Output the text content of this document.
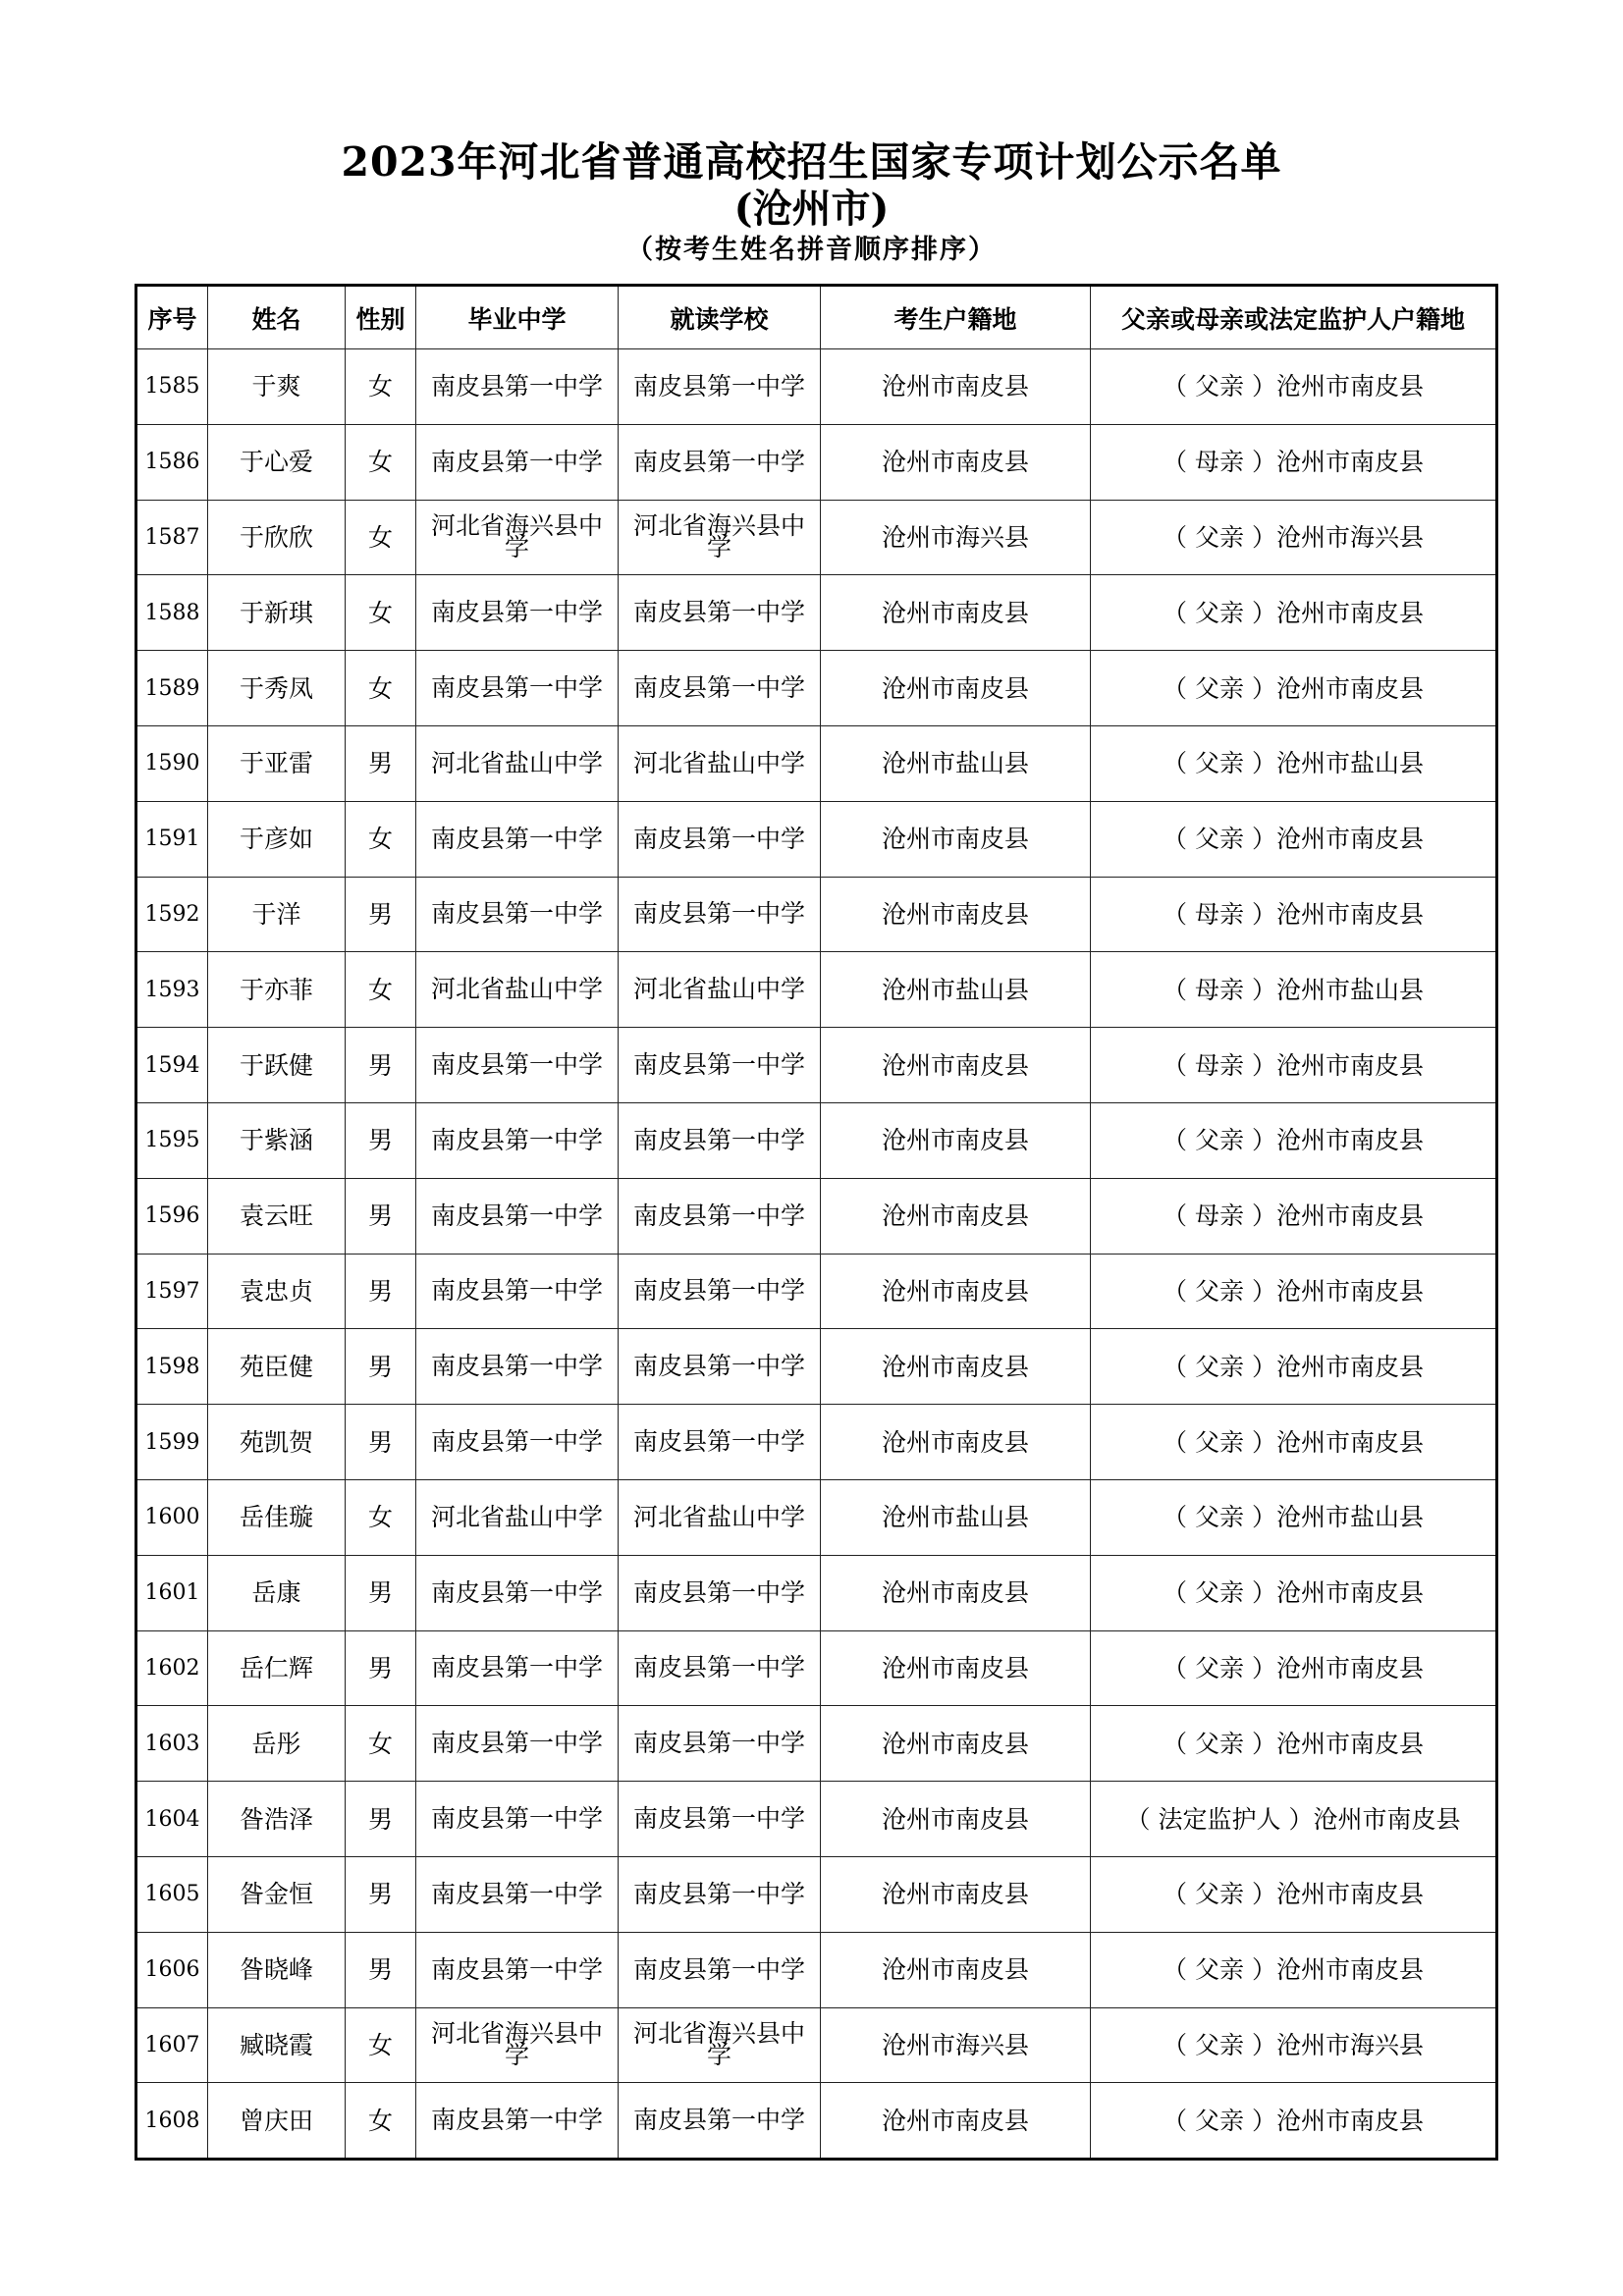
2023年河北省普通高校招生国家专项计划公示名单
(沧州市)
（按考生姓名拼音顺序排序）
序号	姓名	性别	毕业中学	就读学校	考生户籍地	父亲或母亲或法定监护人户籍地
1585	于爽	女	南皮县第一中学	南皮县第一中学	沧州市南皮县	（ 父亲 ）沧州市南皮县
1586	于心爱	女	南皮县第一中学	南皮县第一中学	沧州市南皮县	（ 母亲 ）沧州市南皮县
1587	于欣欣	女	河北省海兴县中学	河北省海兴县中学	沧州市海兴县	（ 父亲 ）沧州市海兴县
1588	于新琪	女	南皮县第一中学	南皮县第一中学	沧州市南皮县	（ 父亲 ）沧州市南皮县
1589	于秀凤	女	南皮县第一中学	南皮县第一中学	沧州市南皮县	（ 父亲 ）沧州市南皮县
1590	于亚雷	男	河北省盐山中学	河北省盐山中学	沧州市盐山县	（ 父亲 ）沧州市盐山县
1591	于彦如	女	南皮县第一中学	南皮县第一中学	沧州市南皮县	（ 父亲 ）沧州市南皮县
1592	于洋	男	南皮县第一中学	南皮县第一中学	沧州市南皮县	（ 母亲 ）沧州市南皮县
1593	于亦菲	女	河北省盐山中学	河北省盐山中学	沧州市盐山县	（ 母亲 ）沧州市盐山县
1594	于跃健	男	南皮县第一中学	南皮县第一中学	沧州市南皮县	（ 母亲 ）沧州市南皮县
1595	于紫涵	男	南皮县第一中学	南皮县第一中学	沧州市南皮县	（ 父亲 ）沧州市南皮县
1596	袁云旺	男	南皮县第一中学	南皮县第一中学	沧州市南皮县	（ 母亲 ）沧州市南皮县
1597	袁忠贞	男	南皮县第一中学	南皮县第一中学	沧州市南皮县	（ 父亲 ）沧州市南皮县
1598	苑臣健	男	南皮县第一中学	南皮县第一中学	沧州市南皮县	（ 父亲 ）沧州市南皮县
1599	苑凯贺	男	南皮县第一中学	南皮县第一中学	沧州市南皮县	（ 父亲 ）沧州市南皮县
1600	岳佳璇	女	河北省盐山中学	河北省盐山中学	沧州市盐山县	（ 父亲 ）沧州市盐山县
1601	岳康	男	南皮县第一中学	南皮县第一中学	沧州市南皮县	（ 父亲 ）沧州市南皮县
1602	岳仁辉	男	南皮县第一中学	南皮县第一中学	沧州市南皮县	（ 父亲 ）沧州市南皮县
1603	岳彤	女	南皮县第一中学	南皮县第一中学	沧州市南皮县	（ 父亲 ）沧州市南皮县
1604	昝浩泽	男	南皮县第一中学	南皮县第一中学	沧州市南皮县	（ 法定监护人 ）沧州市南皮县
1605	昝金恒	男	南皮县第一中学	南皮县第一中学	沧州市南皮县	（ 父亲 ）沧州市南皮县
1606	昝晓峰	男	南皮县第一中学	南皮县第一中学	沧州市南皮县	（ 父亲 ）沧州市南皮县
1607	臧晓霞	女	河北省海兴县中学	河北省海兴县中学	沧州市海兴县	（ 父亲 ）沧州市海兴县
1608	曾庆田	女	南皮县第一中学	南皮县第一中学	沧州市南皮县	（ 父亲 ）沧州市南皮县
